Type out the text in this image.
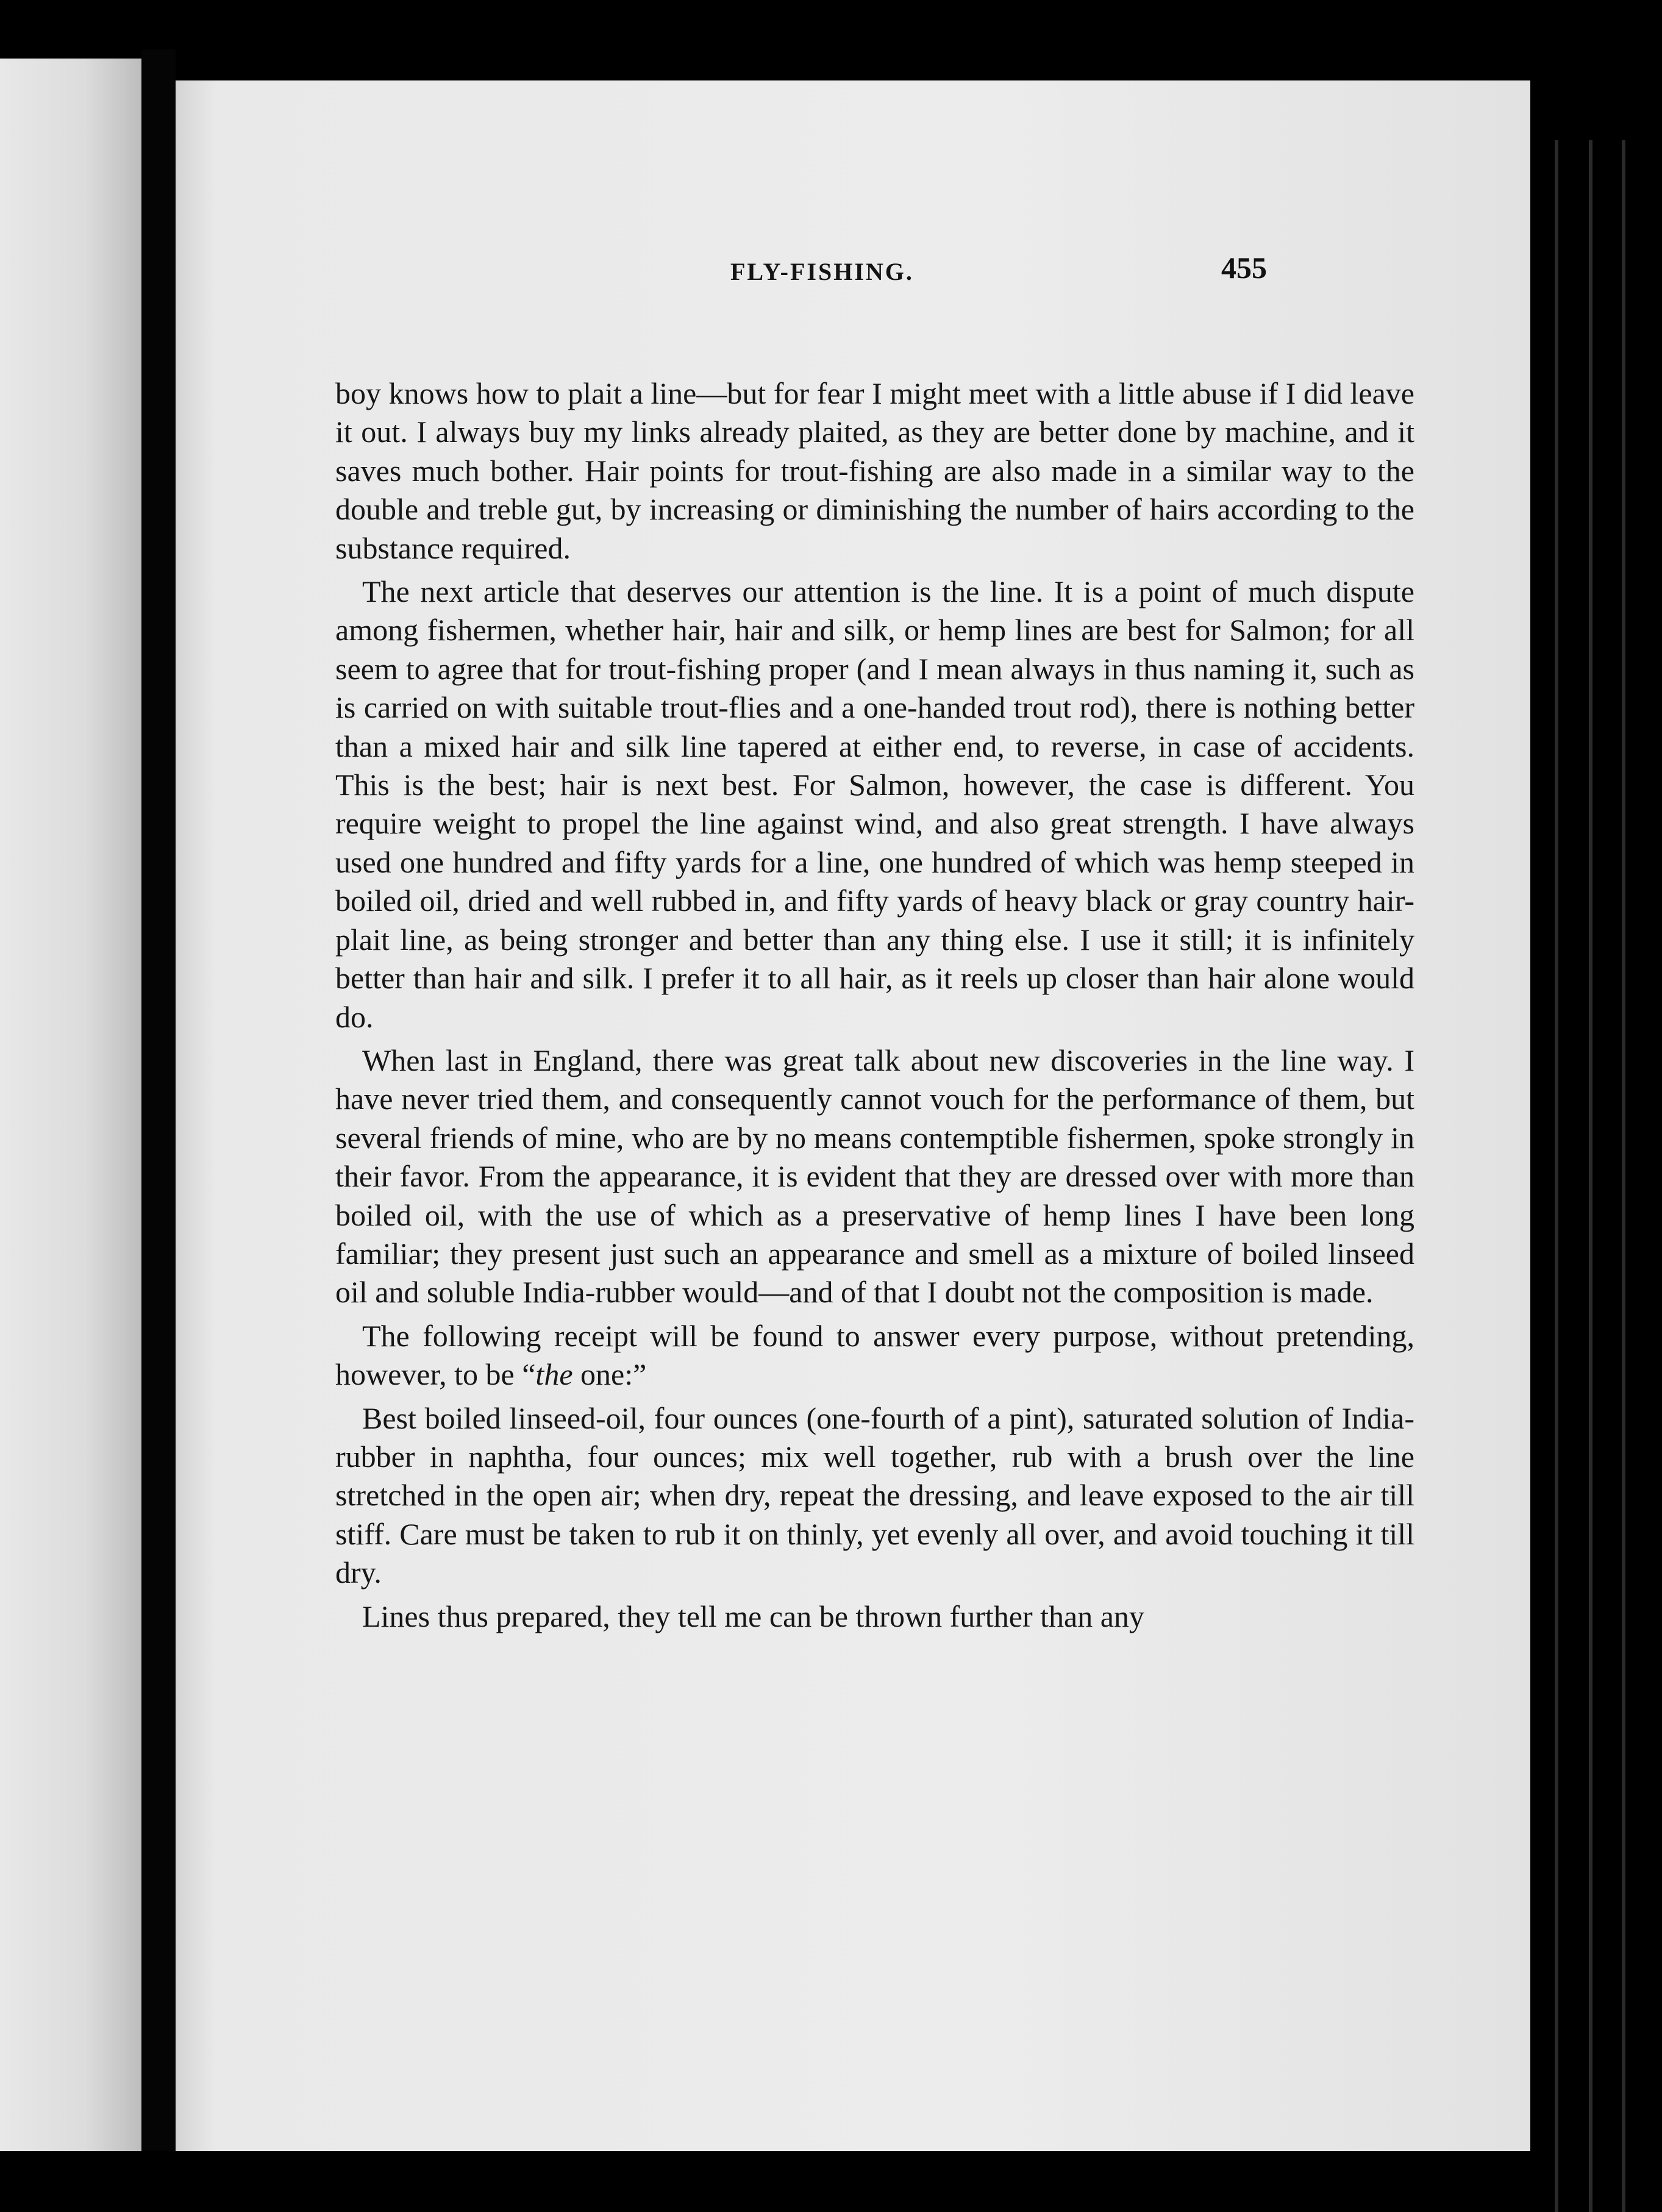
FLY-FISHING.	455

boy knows how to plait a line—but for fear I might meet with a little abuse if I did leave it out. I always buy my links already plaited, as they are better done by machine, and it saves much bother. Hair points for trout-fishing are also made in a similar way to the double and treble gut, by increasing or diminishing the number of hairs according to the substance required.

The next article that deserves our attention is the line. It is a point of much dispute among fishermen, whether hair, hair and silk, or hemp lines are best for Salmon; for all seem to agree that for trout-fishing proper (and I mean always in thus naming it, such as is carried on with suitable trout-flies and a one-handed trout rod), there is nothing better than a mixed hair and silk line tapered at either end, to reverse, in case of accidents. This is the best; hair is next best. For Salmon, however, the case is different. You require weight to propel the line against wind, and also great strength. I have always used one hundred and fifty yards for a line, one hundred of which was hemp steeped in boiled oil, dried and well rubbed in, and fifty yards of heavy black or gray country hair-plait line, as being stronger and better than any thing else. I use it still; it is infinitely better than hair and silk. I prefer it to all hair, as it reels up closer than hair alone would do.

When last in England, there was great talk about new discoveries in the line way. I have never tried them, and consequently cannot vouch for the performance of them, but several friends of mine, who are by no means contemptible fishermen, spoke strongly in their favor. From the appearance, it is evident that they are dressed over with more than boiled oil, with the use of which as a preservative of hemp lines I have been long familiar; they present just such an appearance and smell as a mixture of boiled linseed oil and soluble India-rubber would—and of that I doubt not the composition is made.

The following receipt will be found to answer every purpose, without pretending, however, to be “the one:”

Best boiled linseed-oil, four ounces (one-fourth of a pint), saturated solution of India-rubber in naphtha, four ounces; mix well together, rub with a brush over the line stretched in the open air; when dry, repeat the dressing, and leave exposed to the air till stiff. Care must be taken to rub it on thinly, yet evenly all over, and avoid touching it till dry.

Lines thus prepared, they tell me can be thrown further than any
